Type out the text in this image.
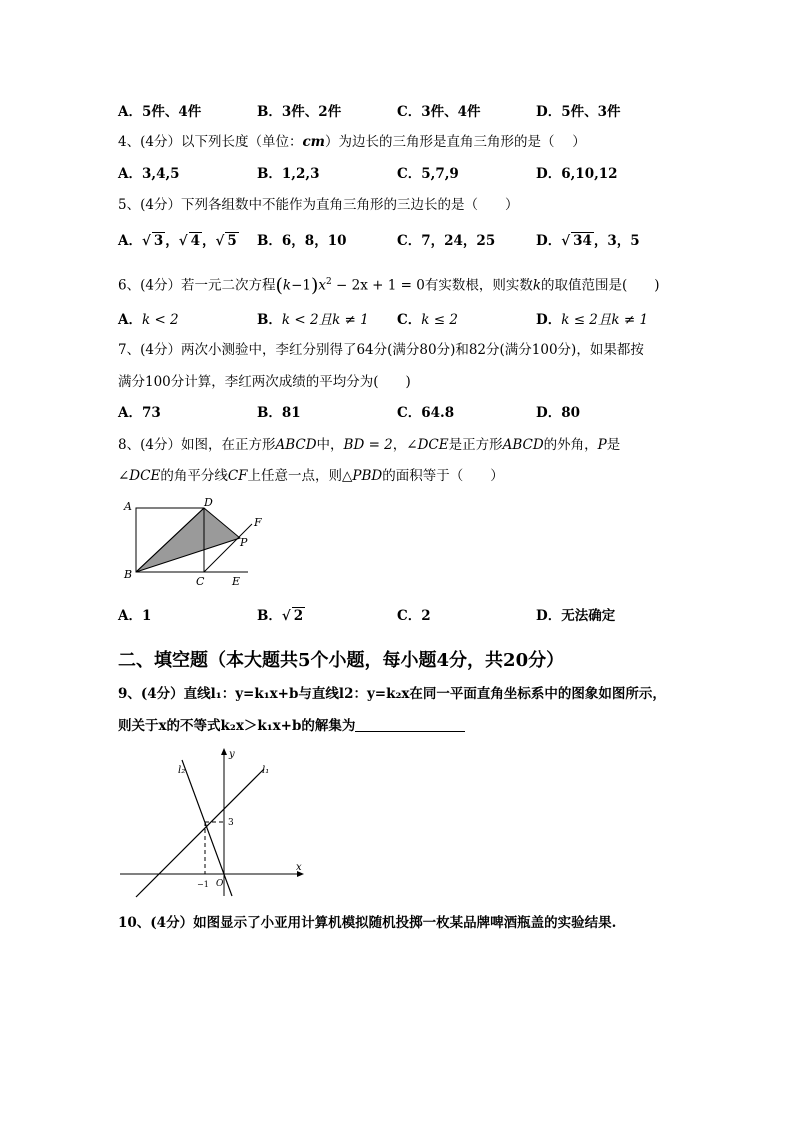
A．5件、4件	B．3件、2件	C．3件、4件	D．5件、3件
4、(4分）以下列长度（单位：cm）为边长的三角形是直角三角形的是（　 ）
A．3,4,5	B．1,2,3	C．5,7,9	D．6,10,12
5、(4分）下列各组数中不能作为直角三角形的三边长的是（　　）
A．√ 3 ，√ 4 ，√ 5 B．6，8，10	C．7，24，25	D．√ 34 ，3，5
6、(4分）若一元二次方程$(k-1)x^2 - 2x + 1 = 0$有实数根，则实数k的取值范围是(　　)
A．k < 2	B．k < 2且k ≠ 1 C．k ≤ 2	D．k ≤ 2且k ≠ 1
7、(4分）两次小测验中，李红分别得了64分(满分80分)和82分(满分100分)，如果都按
满分100分计算，李红两次成绩的平均分为(　　)
A．73	B．81	C．64.8	D．80
8、(4分）如图，在正方形ABCD中，BD = 2，∠DCE是正方形ABCD的外角，P是
∠DCE的角平分线CF上任意一点，则△PBD的面积等于（　　）
A	D
B
C	E
F
P
A．1	B．√ 2	C．2	D．无法确定
二、填空题（本大题共5个小题，每小题4分，共20分）
9、(4分）直线l₁：y=k₁x+b与直线l2：y=k₂x在同一平面直角坐标系中的图象如图所示，
则关于x的不等式k₂x＞k₁x+b的解集为
y
x
l₂	l₁
3
−1 O
10、(4分）如图显示了小亚用计算机模拟随机投掷一枚某品牌啤酒瓶盖的实验结果.
